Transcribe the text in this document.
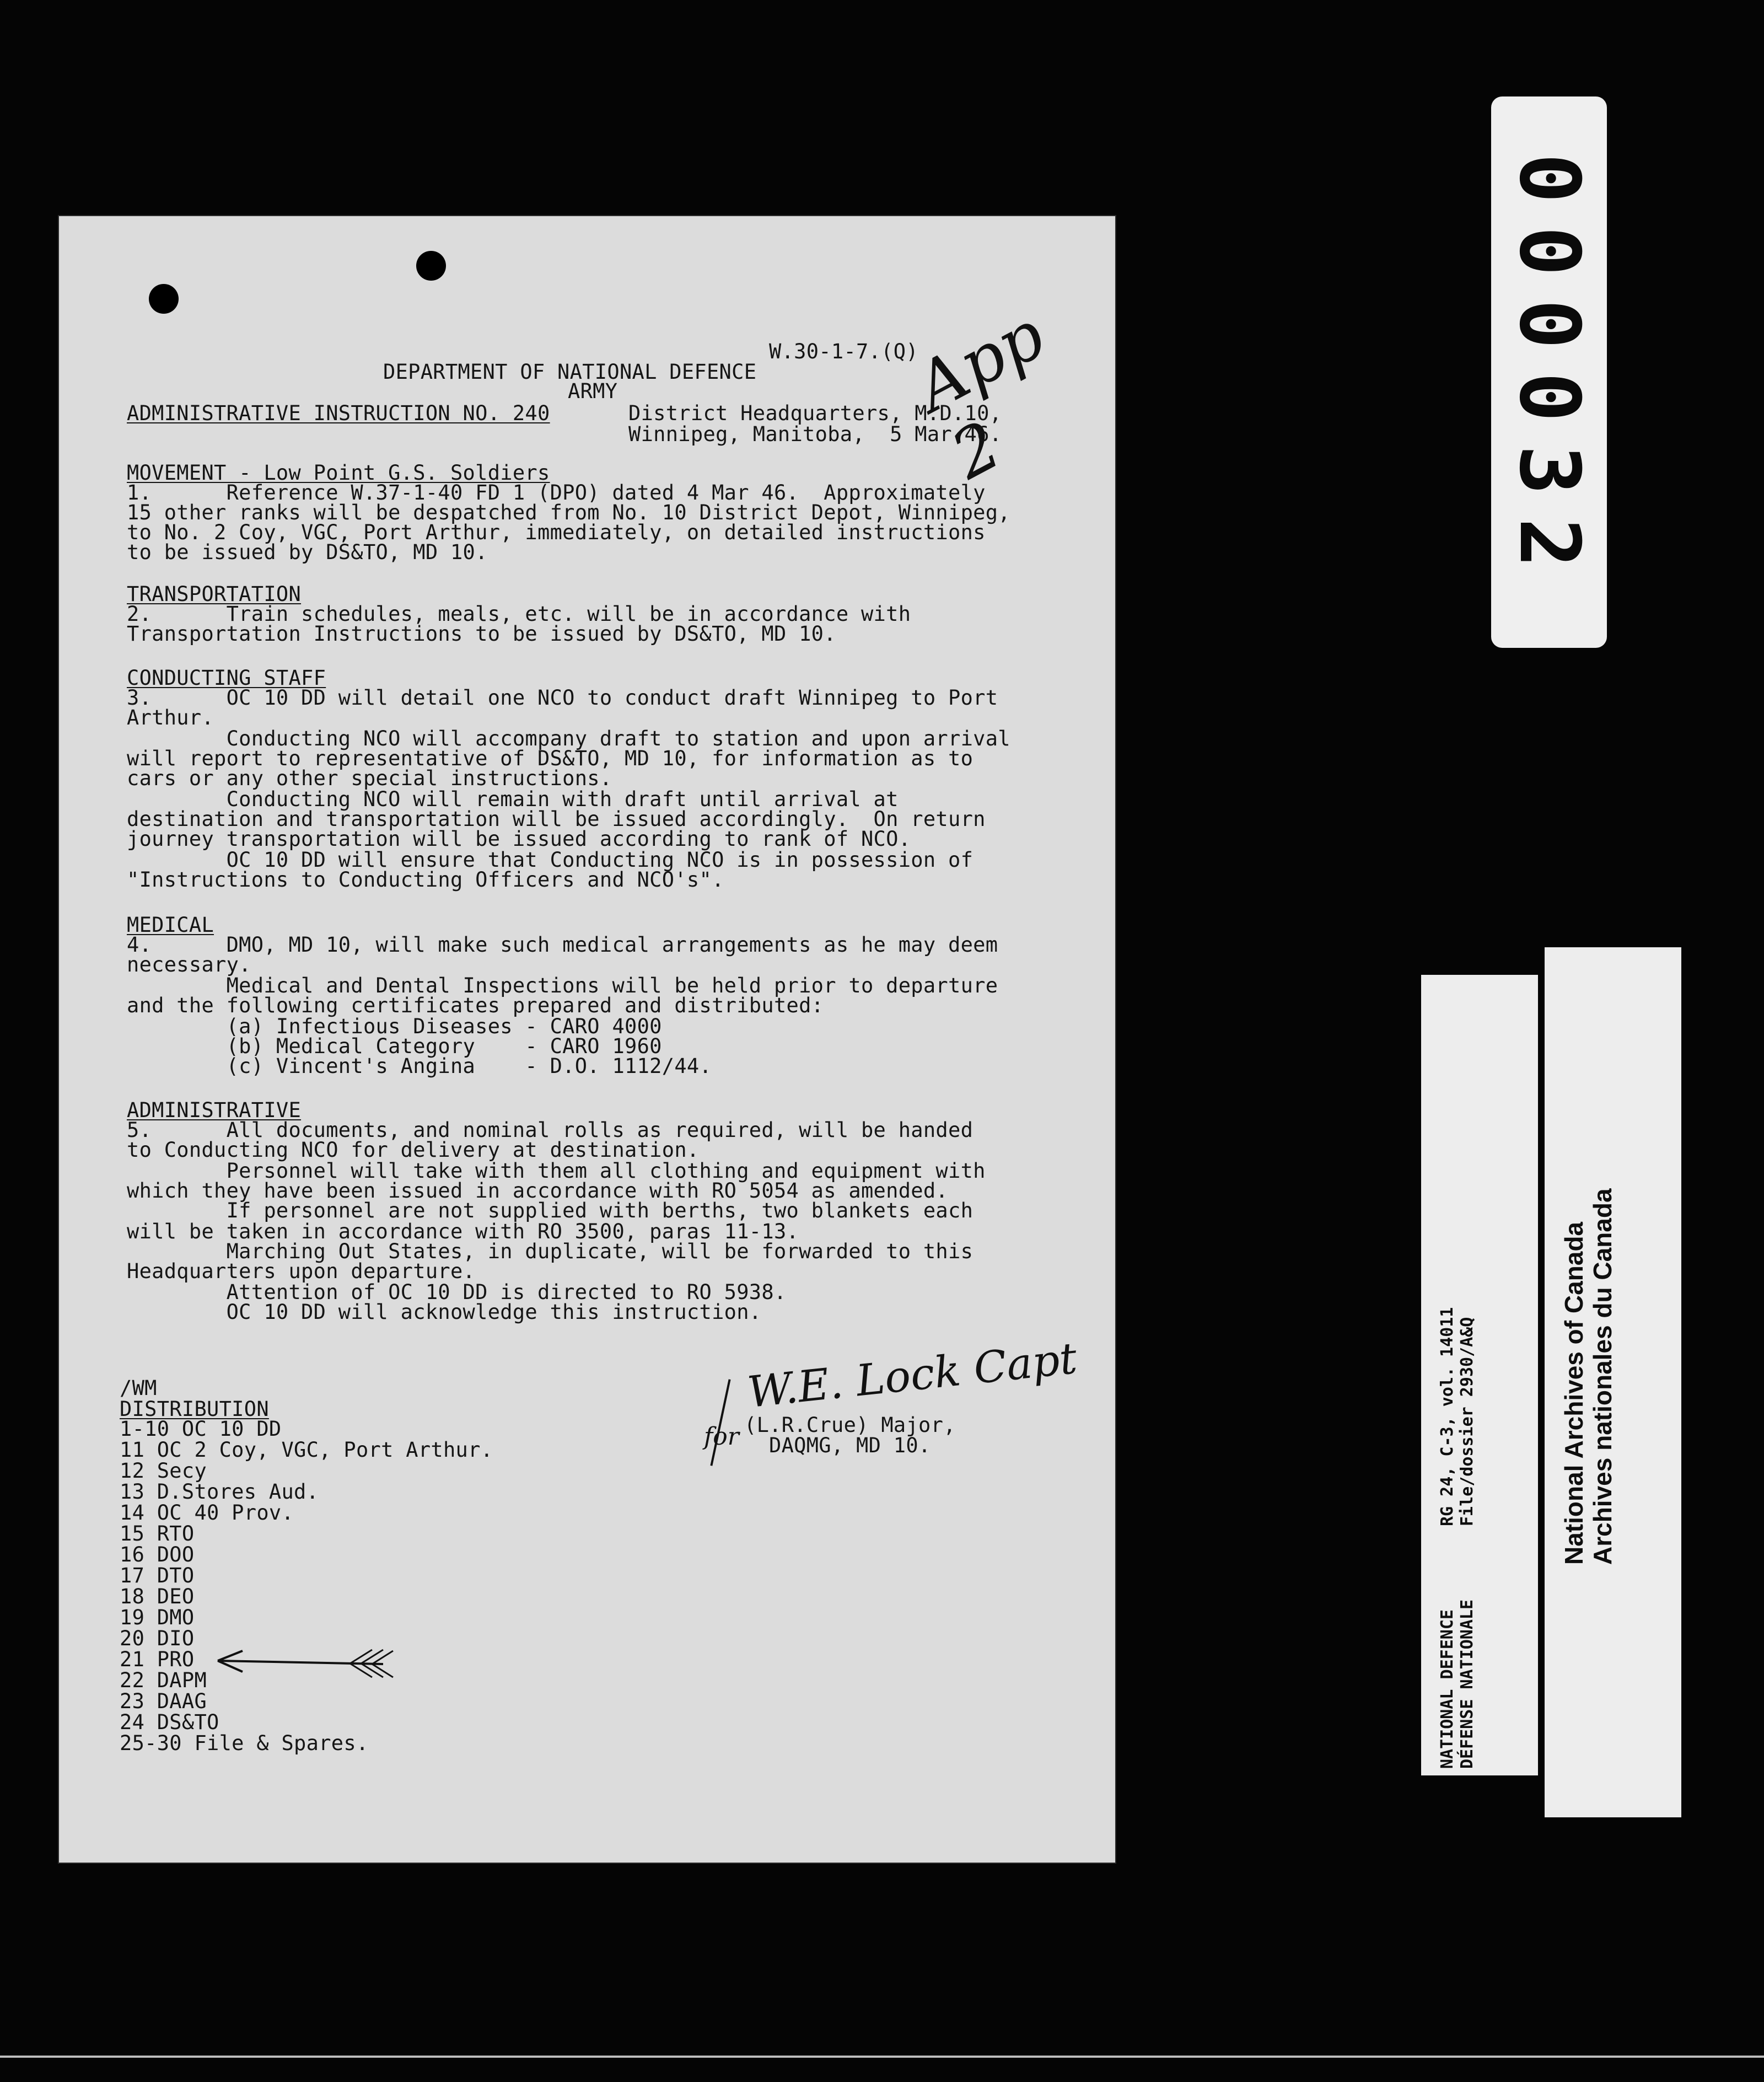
W.30-1-7.(Q)
App 2
DEPARTMENT OF NATIONAL DEFENCE
ARMY
ADMINISTRATIVE INSTRUCTION NO. 240	District Headquarters, M.D.10,
Winnipeg, Manitoba,  5 Mar 46.
MOVEMENT - Low Point G.S. Soldiers
1.      Reference W.37-1-40 FD 1 (DPO) dated 4 Mar 46.  Approximately
15 other ranks will be despatched from No. 10 District Depot, Winnipeg,
to No. 2 Coy, VGC, Port Arthur, immediately, on detailed instructions
to be issued by DS&TO, MD 10.
TRANSPORTATION
2.      Train schedules, meals, etc. will be in accordance with
Transportation Instructions to be issued by DS&TO, MD 10.
CONDUCTING STAFF
3.      OC 10 DD will detail one NCO to conduct draft Winnipeg to Port
Arthur.
Conducting NCO will accompany draft to station and upon arrival
will report to representative of DS&TO, MD 10, for information as to
cars or any other special instructions.
Conducting NCO will remain with draft until arrival at
destination and transportation will be issued accordingly.  On return
journey transportation will be issued according to rank of NCO.
OC 10 DD will ensure that Conducting NCO is in possession of
"Instructions to Conducting Officers and NCO's".
MEDICAL
4.      DMO, MD 10, will make such medical arrangements as he may deem
necessary.
Medical and Dental Inspections will be held prior to departure
and the following certificates prepared and distributed:
(a) Infectious Diseases - CARO 4000
(b) Medical Category    - CARO 1960
(c) Vincent's Angina    - D.O. 1112/44.
ADMINISTRATIVE
5.      All documents, and nominal rolls as required, will be handed
to Conducting NCO for delivery at destination.
Personnel will take with them all clothing and equipment with
which they have been issued in accordance with RO 5054 as amended.
If personnel are not supplied with berths, two blankets each
will be taken in accordance with RO 3500, paras 11-13.
Marching Out States, in duplicate, will be forwarded to this
Headquarters upon departure.
Attention of OC 10 DD is directed to RO 5938.
OC 10 DD will acknowledge this instruction.
W.E. Lock Capt
for (L.R.Crue) Major,
DAQMG, MD 10.
/WM
DISTRIBUTION
1-10 OC 10 DD
11 OC 2 Coy, VGC, Port Arthur.
12 Secy
13 D.Stores Aud.
14 OC 40 Prov.
15 RTO
16 DOO
17 DTO
18 DEO
19 DMO
20 DIO
21 PRO
22 DAPM
23 DAAG
24 DS&TO
25-30 File & Spares.
000032
RG 24, C-3, vol. 14011 File/dossier 2930/A&Q
NATIONAL DEFENCE DÉFENSE NATIONALE
National Archives of Canada Archives nationales du Canada
